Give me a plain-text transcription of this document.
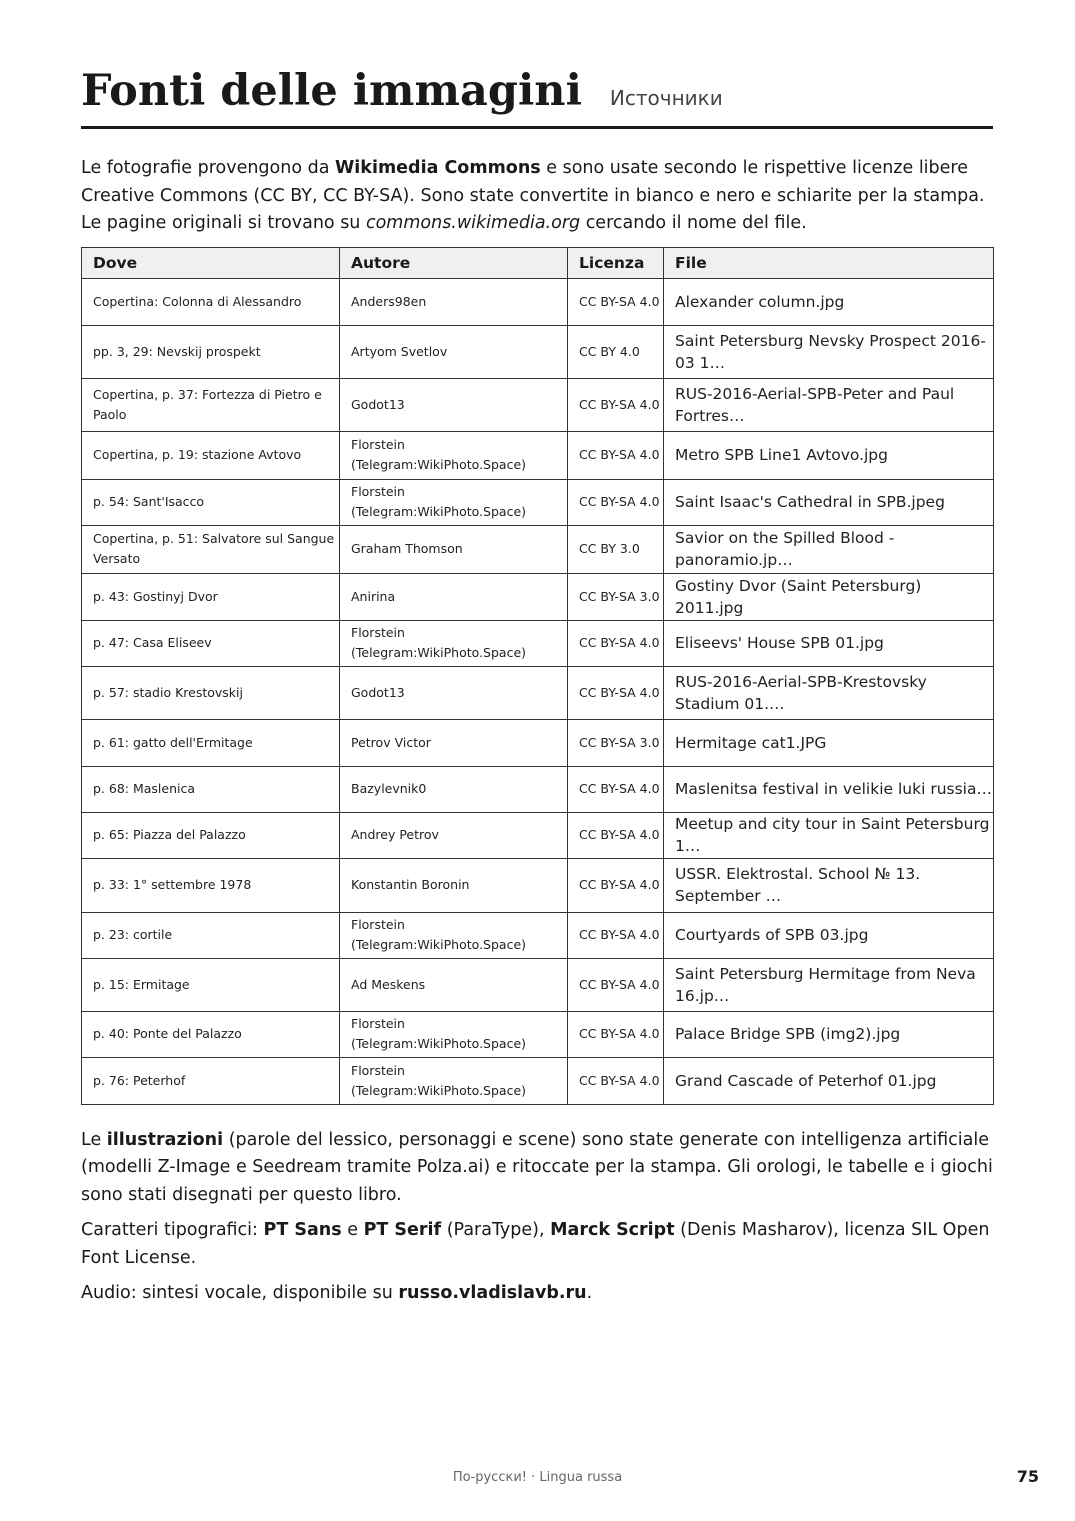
Fonti delle immagini Источники

Le fotografie provengono da Wikimedia Commons e sono usate secondo le rispettive licenze libere Creative Commons (CC BY, CC BY-SA). Sono state convertite in bianco e nero e schiarite per la stampa. Le pagine originali si trovano su commons.wikimedia.org cercando il nome del file.

Dove	Autore	Licenza	File
Copertina: Colonna di Alessandro	Anders98en	CC BY-SA 4.0	Alexander column.jpg
pp. 3, 29: Nevskij prospekt	Artyom Svetlov	CC BY 4.0	Saint Petersburg Nevsky Prospect 2016-03 1…
Copertina, p. 37: Fortezza di Pietro e Paolo	Godot13	CC BY-SA 4.0	RUS-2016-Aerial-SPB-Peter and Paul Fortres…
Copertina, p. 19: stazione Avtovo	Florstein (Telegram:WikiPhoto.Space)	CC BY-SA 4.0	Metro SPB Line1 Avtovo.jpg
p. 54: Sant'Isacco	Florstein (Telegram:WikiPhoto.Space)	CC BY-SA 4.0	Saint Isaac's Cathedral in SPB.jpeg
Copertina, p. 51: Salvatore sul Sangue Versato	Graham Thomson	CC BY 3.0	Savior on the Spilled Blood - panoramio.jp…
p. 43: Gostinyj Dvor	Anirina	CC BY-SA 3.0	Gostiny Dvor (Saint Petersburg) 2011.jpg
p. 47: Casa Eliseev	Florstein (Telegram:WikiPhoto.Space)	CC BY-SA 4.0	Eliseevs' House SPB 01.jpg
p. 57: stadio Krestovskij	Godot13	CC BY-SA 4.0	RUS-2016-Aerial-SPB-Krestovsky Stadium 01.…
p. 61: gatto dell'Ermitage	Petrov Victor	CC BY-SA 3.0	Hermitage cat1.JPG
p. 68: Maslenica	Bazylevnik0	CC BY-SA 4.0	Maslenitsa festival in velikie luki russia…
p. 65: Piazza del Palazzo	Andrey Petrov	CC BY-SA 4.0	Meetup and city tour in Saint Petersburg 1…
p. 33: 1° settembre 1978	Konstantin Boronin	CC BY-SA 4.0	USSR. Elektrostal. School № 13. September …
p. 23: cortile	Florstein (Telegram:WikiPhoto.Space)	CC BY-SA 4.0	Courtyards of SPB 03.jpg
p. 15: Ermitage	Ad Meskens	CC BY-SA 4.0	Saint Petersburg Hermitage from Neva 16.jp…
p. 40: Ponte del Palazzo	Florstein (Telegram:WikiPhoto.Space)	CC BY-SA 4.0	Palace Bridge SPB (img2).jpg
p. 76: Peterhof	Florstein (Telegram:WikiPhoto.Space)	CC BY-SA 4.0	Grand Cascade of Peterhof 01.jpg

Le illustrazioni (parole del lessico, personaggi e scene) sono state generate con intelligenza artificiale (modelli Z-Image e Seedream tramite Polza.ai) e ritoccate per la stampa. Gli orologi, le tabelle e i giochi sono stati disegnati per questo libro.

Caratteri tipografici: PT Sans e PT Serif (ParaType), Marck Script (Denis Masharov), licenza SIL Open Font License.

Audio: sintesi vocale, disponibile su russo.vladislavb.ru.

По-русски! · Lingua russa	75
